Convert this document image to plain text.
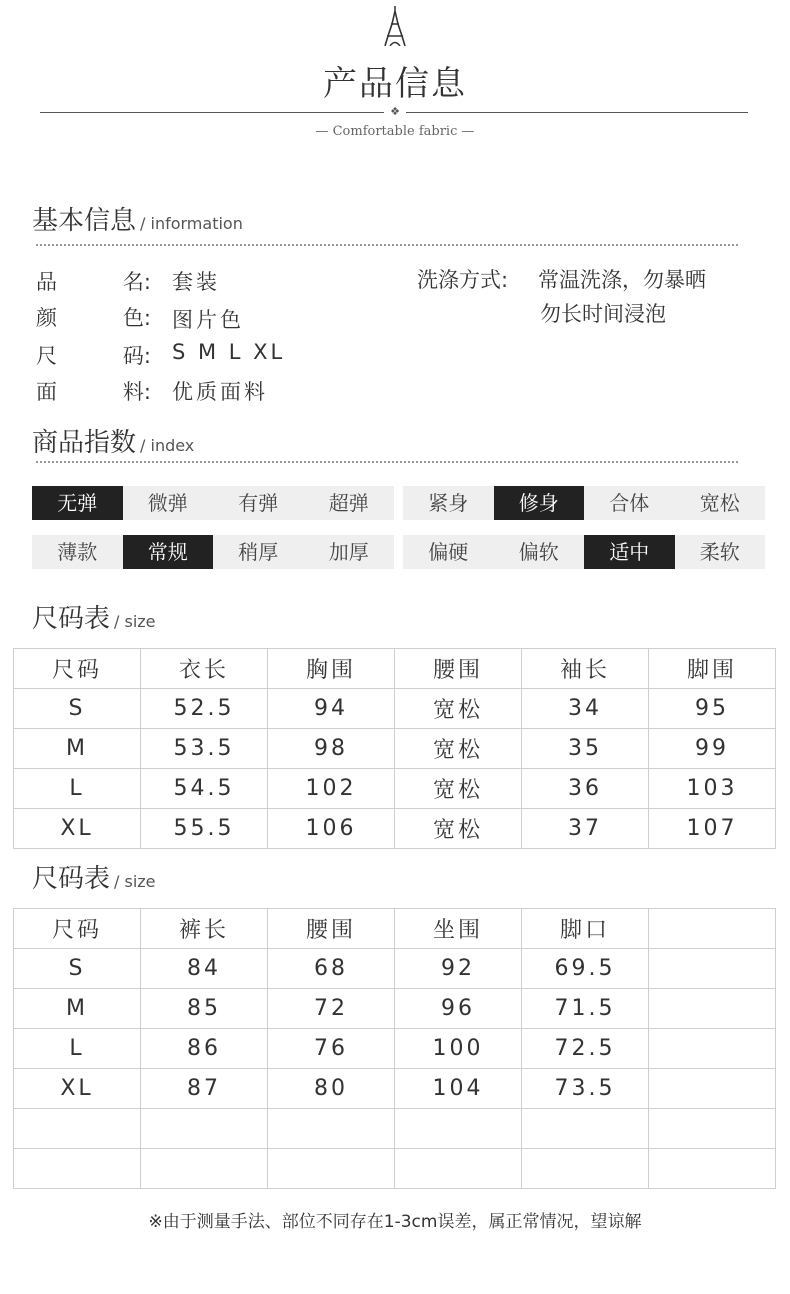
产品信息
❖
— Comfortable fabric —
基本信息 / information
品	名: 套装
颜	色: 图片色
尺	码: S M L XL
面	料: 优质面料
洗涤方式: 常温洗涤，勿暴晒
勿长时间浸泡
商品指数 / index
无弹	微弹	有弹	超弹	紧身	修身	合体	宽松
薄款	常规	稍厚	加厚	偏硬	偏软	适中	柔软
尺码表 / size
尺码	衣长	胸围	腰围	袖长	脚围
S	52.5	94	宽松	34	95
M	53.5	98	宽松	35	99
L	54.5	102	宽松	36	103
XL	55.5	106	宽松	37	107
尺码表 / size
尺码	裤长	腰围	坐围	脚口	
S	84	68	92	69.5	
M	85	72	96	71.5	
L	86	76	100	72.5	
XL	87	80	104	73.5	

※由于测量手法、部位不同存在1-3cm误差，属正常情况，望谅解
